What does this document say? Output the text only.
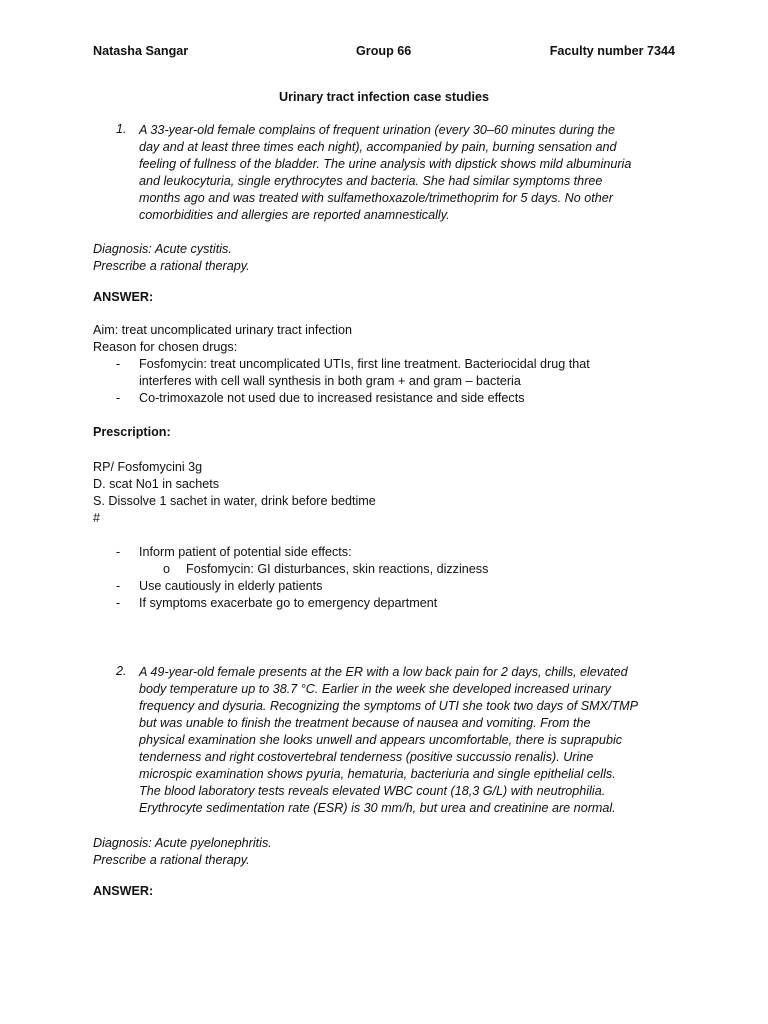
Natasha Sangar	Group 66	Faculty number 7344
Urinary tract infection case studies
1. A 33-year-old female complains of frequent urination (every 30–60 minutes during the
day and at least three times each night), accompanied by pain, burning sensation and
feeling of fullness of the bladder. The urine analysis with dipstick shows mild albuminuria
and leukocyturia, single erythrocytes and bacteria. She had similar symptoms three
months ago and was treated with sulfamethoxazole/trimethoprim for 5 days. No other
comorbidities and allergies are reported anamnestically.
Diagnosis: Acute cystitis.
Prescribe a rational therapy.
ANSWER:
Aim: treat uncomplicated urinary tract infection
Reason for chosen drugs:
- Fosfomycin: treat uncomplicated UTIs, first line treatment. Bacteriocidal drug that
interferes with cell wall synthesis in both gram + and gram – bacteria
- Co-trimoxazole not used due to increased resistance and side effects
Prescription:
RP/ Fosfomycini 3g
D. scat No1 in sachets
S. Dissolve 1 sachet in water, drink before bedtime
#
- Inform patient of potential side effects:
o Fosfomycin: GI disturbances, skin reactions, dizziness
- Use cautiously in elderly patients
- If symptoms exacerbate go to emergency department
2. A 49-year-old female presents at the ER with a low back pain for 2 days, chills, elevated
body temperature up to 38.7 °C. Earlier in the week she developed increased urinary
frequency and dysuria. Recognizing the symptoms of UTI she took two days of SMX/TMP
but was unable to finish the treatment because of nausea and vomiting. From the
physical examination she looks unwell and appears uncomfortable, there is suprapubic
tenderness and right costovertebral tenderness (positive succussio renalis). Urine
microspic examination shows pyuria, hematuria, bacteriuria and single epithelial cells.
The blood laboratory tests reveals elevated WBC count (18,3 G/L) with neutrophilia.
Erythrocyte sedimentation rate (ESR) is 30 mm/h, but urea and creatinine are normal.
Diagnosis: Acute pyelonephritis.
Prescribe a rational therapy.
ANSWER:
